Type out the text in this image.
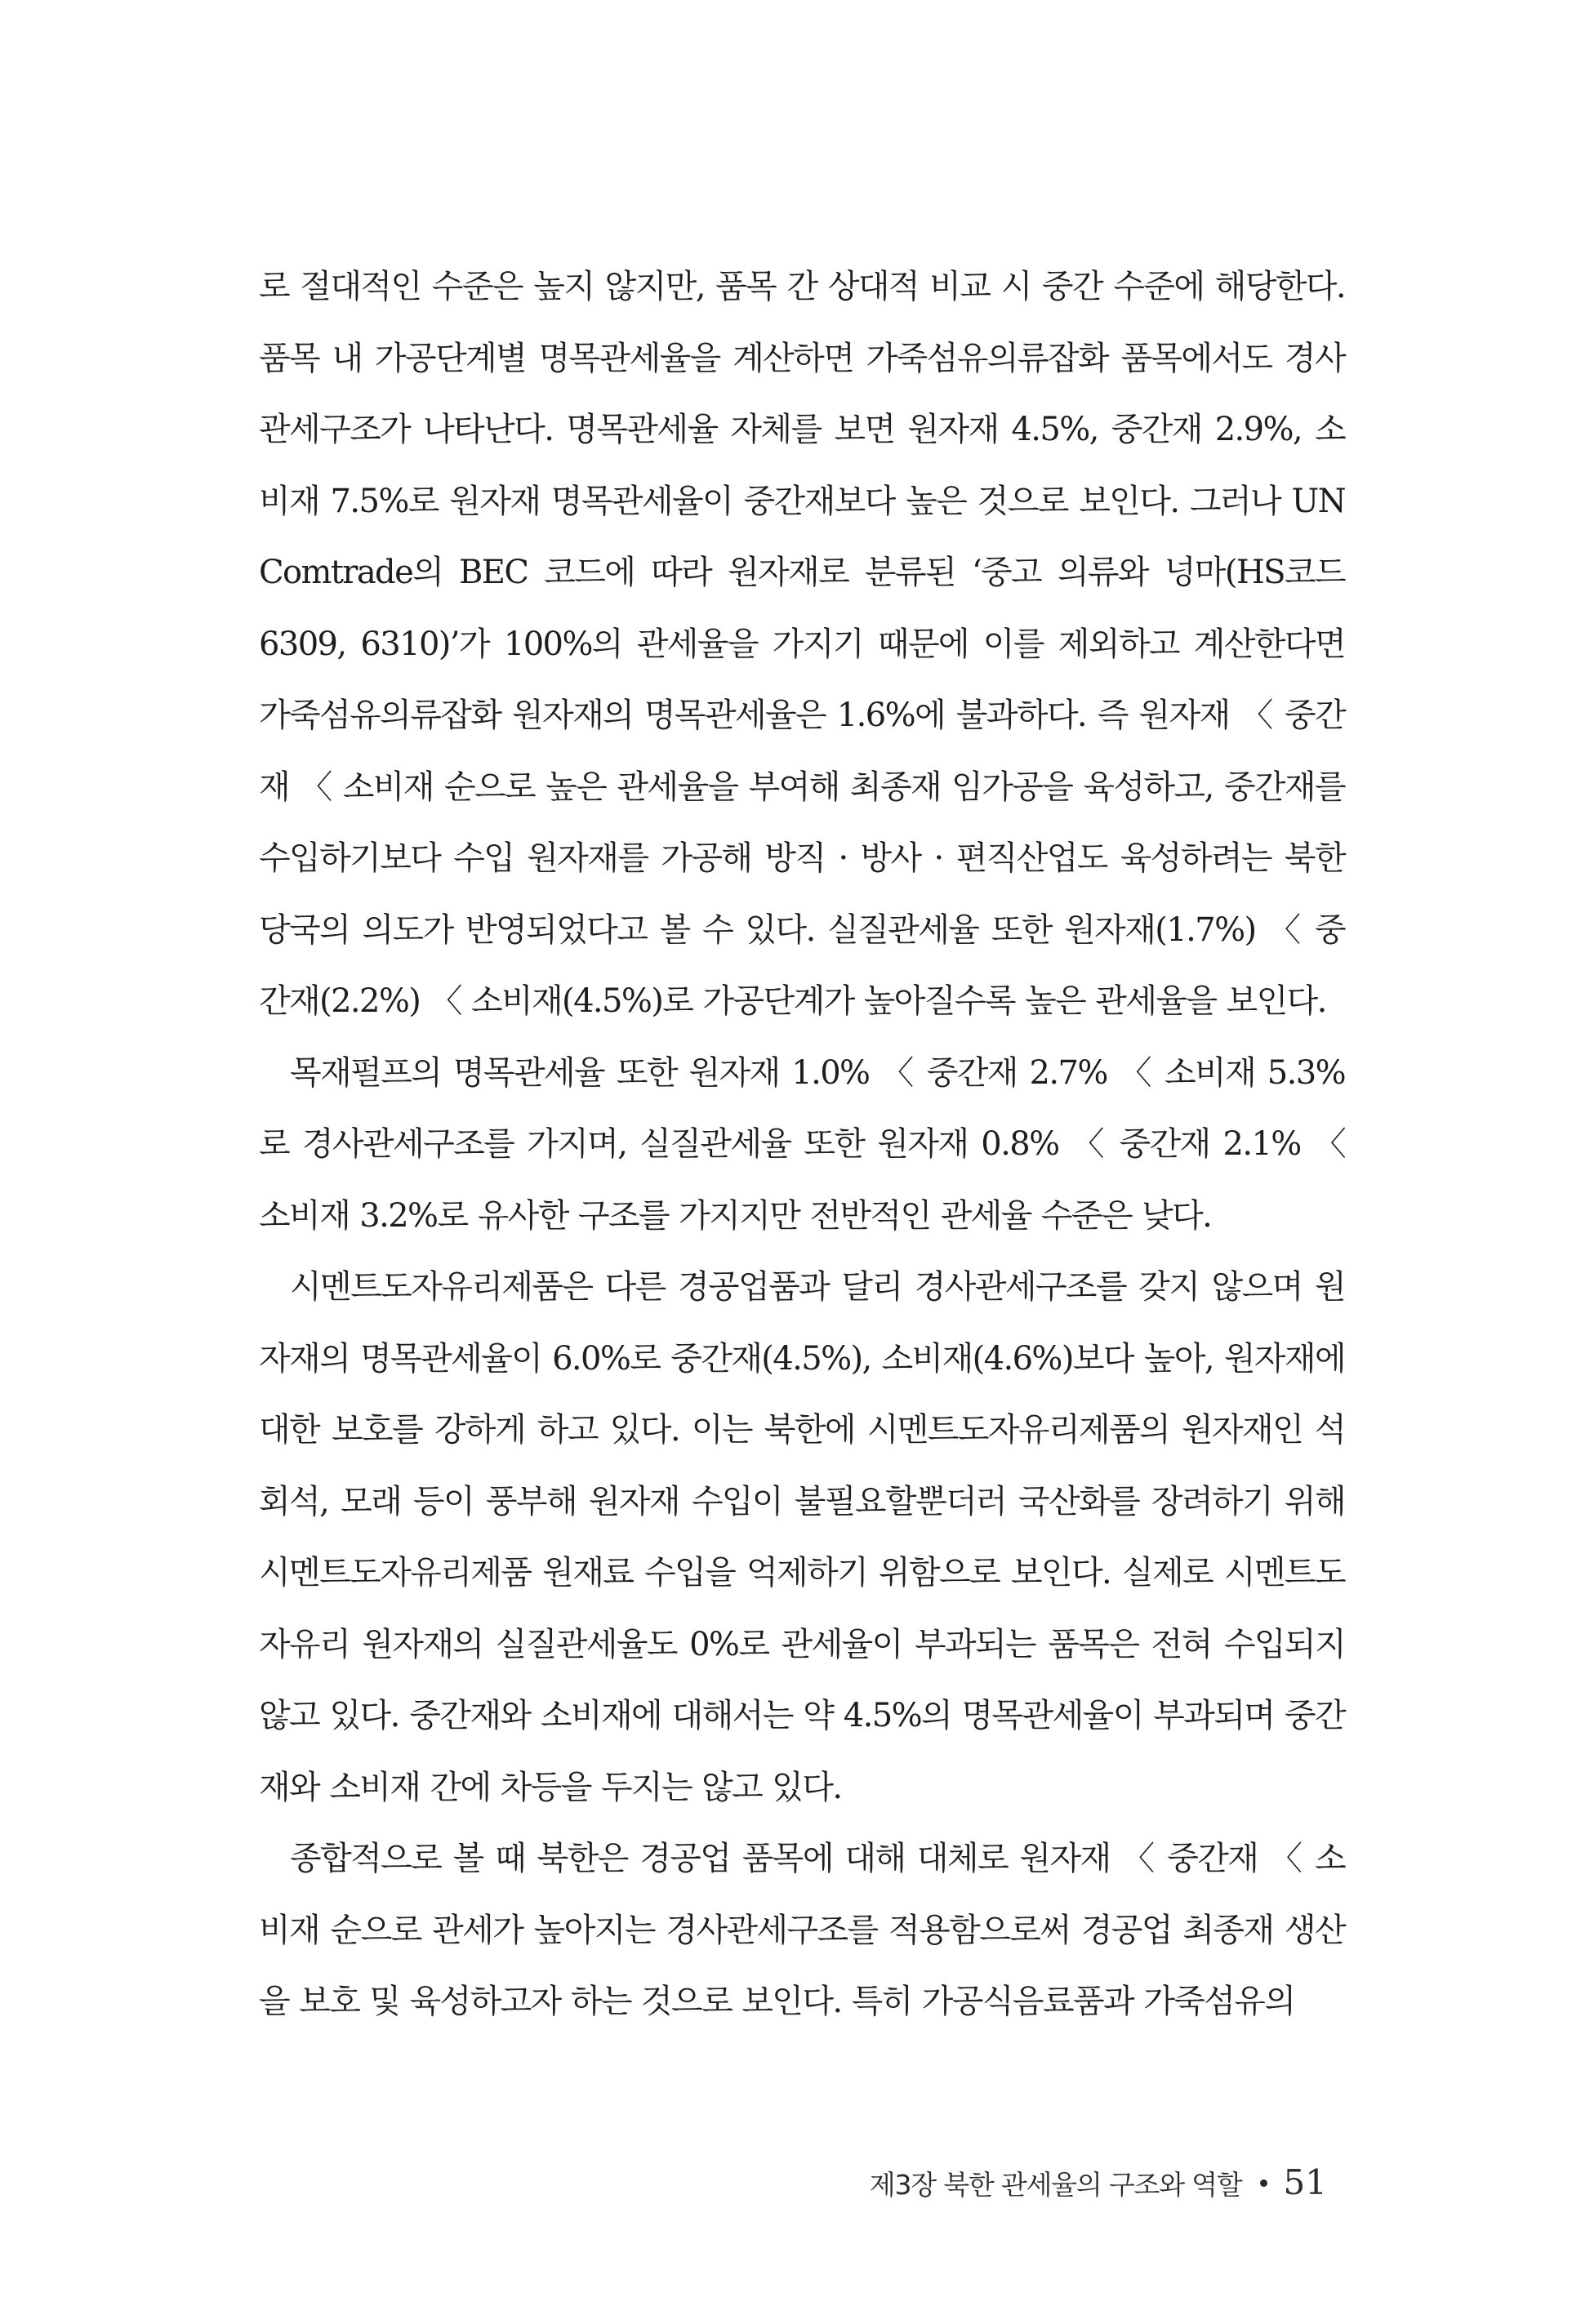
로 절대적인 수준은 높지 않지만, 품목 간 상대적 비교 시 중간 수준에 해당한다. 품목 내 가공단계별 명목관세율을 계산하면 가죽섬유의류잡화 품목에서도 경사관세구조가 나타난다. 명목관세율 자체를 보면 원자재 4.5%, 중간재 2.9%, 소비재 7.5%로 원자재 명목관세율이 중간재보다 높은 것으로 보인다. 그러나 UN Comtrade의 BEC 코드에 따라 원자재로 분류된 ‘중고 의류와 넝마(HS코드 6309, 6310)’가 100%의 관세율을 가지기 때문에 이를 제외하고 계산한다면 가죽섬유의류잡화 원자재의 명목관세율은 1.6%에 불과하다. 즉 원자재 〈 중간재 〈 소비재 순으로 높은 관세율을 부여해 최종재 임가공을 육성하고, 중간재를 수입하기보다 수입 원자재를 가공해 방직 · 방사 · 편직산업도 육성하려는 북한 당국의 의도가 반영되었다고 볼 수 있다. 실질관세율 또한 원자재(1.7%) 〈 중간재(2.2%) 〈 소비재(4.5%)로 가공단계가 높아질수록 높은 관세율을 보인다.

목재펄프의 명목관세율 또한 원자재 1.0% 〈 중간재 2.7% 〈 소비재 5.3%로 경사관세구조를 가지며, 실질관세율 또한 원자재 0.8% 〈 중간재 2.1% 〈 소비재 3.2%로 유사한 구조를 가지지만 전반적인 관세율 수준은 낮다.

시멘트도자유리제품은 다른 경공업품과 달리 경사관세구조를 갖지 않으며 원자재의 명목관세율이 6.0%로 중간재(4.5%), 소비재(4.6%)보다 높아, 원자재에 대한 보호를 강하게 하고 있다. 이는 북한에 시멘트도자유리제품의 원자재인 석회석, 모래 등이 풍부해 원자재 수입이 불필요할뿐더러 국산화를 장려하기 위해 시멘트도자유리제품 원재료 수입을 억제하기 위함으로 보인다. 실제로 시멘트도자유리 원자재의 실질관세율도 0%로 관세율이 부과되는 품목은 전혀 수입되지 않고 있다. 중간재와 소비재에 대해서는 약 4.5%의 명목관세율이 부과되며 중간재와 소비재 간에 차등을 두지는 않고 있다.

종합적으로 볼 때 북한은 경공업 품목에 대해 대체로 원자재 〈 중간재 〈 소비재 순으로 관세가 높아지는 경사관세구조를 적용함으로써 경공업 최종재 생산을 보호 및 육성하고자 하는 것으로 보인다. 특히 가공식음료품과 가죽섬유의

제3장 북한 관세율의 구조와 역할 51
